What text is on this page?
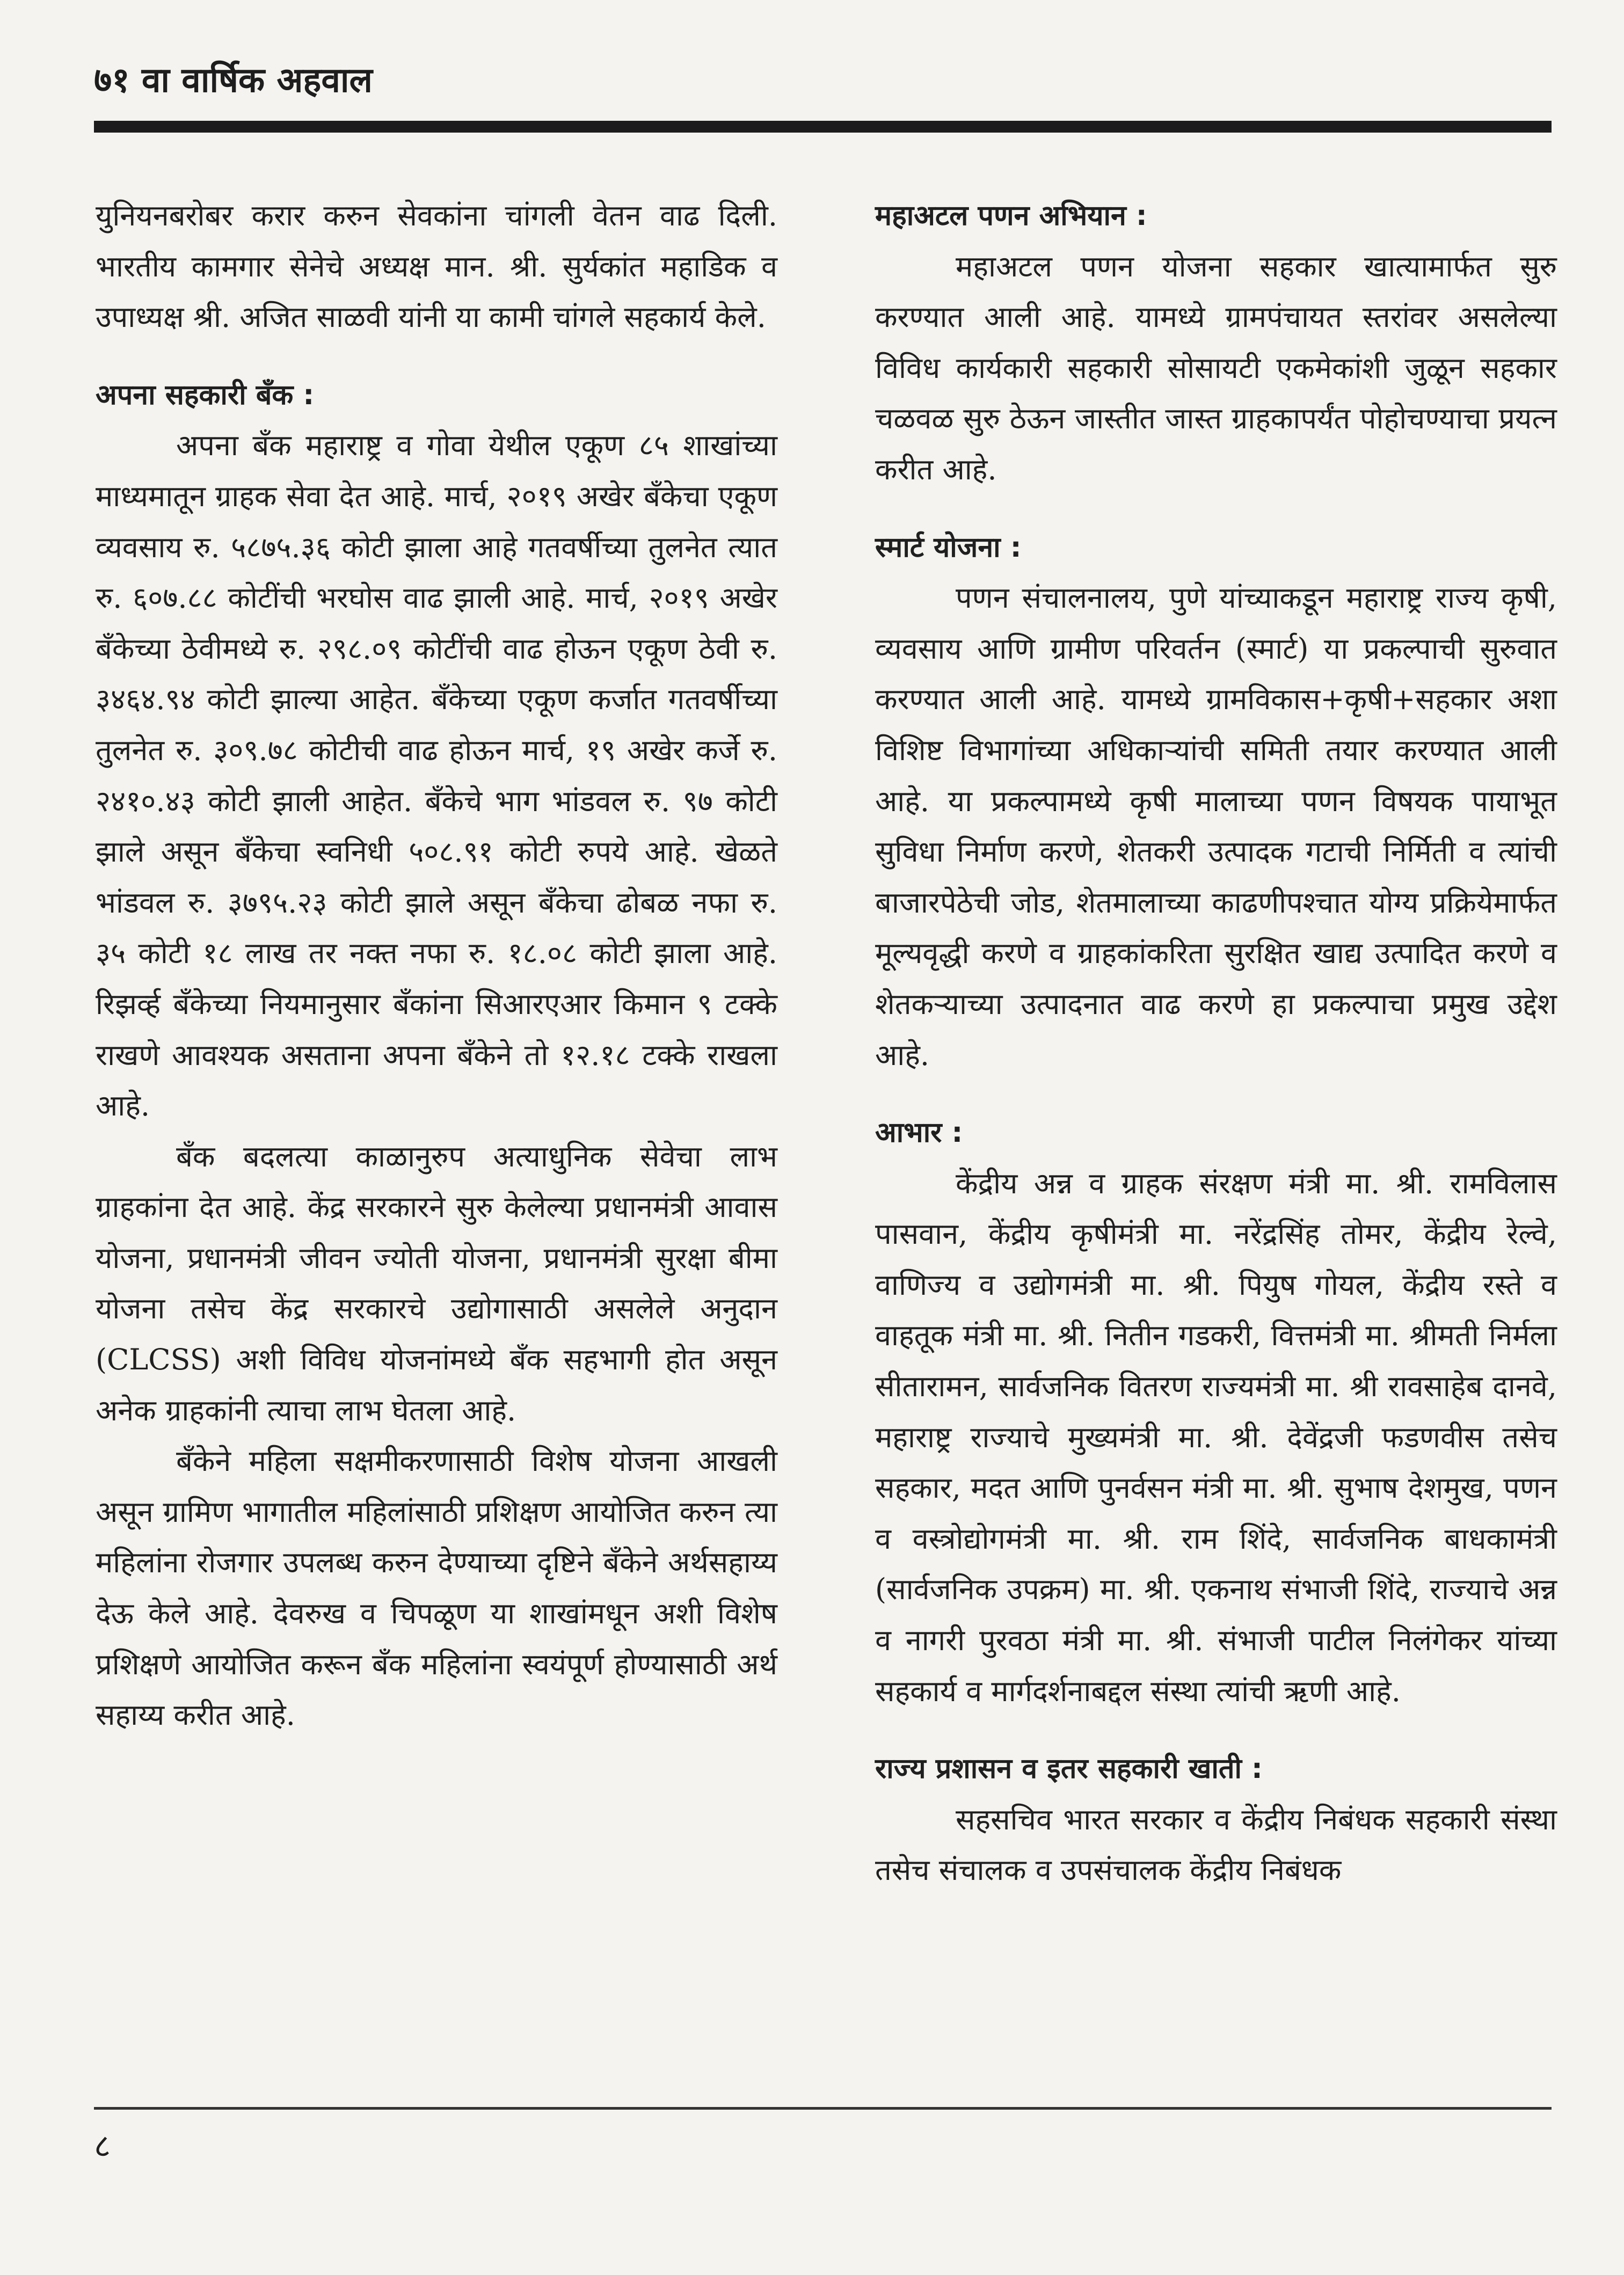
७१ वा वार्षिक अहवाल

युनियनबरोबर करार करुन सेवकांना चांगली वेतन वाढ दिली. भारतीय कामगार सेनेचे अध्यक्ष मान. श्री. सुर्यकांत महाडिक व उपाध्यक्ष श्री. अजित साळवी यांनी या कामी चांगले सहकार्य केले.

अपना सहकारी बँक :

अपना बँक महाराष्ट्र व गोवा येथील एकूण ८५ शाखांच्या माध्यमातून ग्राहक सेवा देत आहे. मार्च, २०१९ अखेर बँकेचा एकूण व्यवसाय रु. ५८७५.३६ कोटी झाला आहे गतवर्षीच्या तुलनेत त्यात रु. ६०७.८८ कोटींची भरघोस वाढ झाली आहे. मार्च, २०१९ अखेर बँकेच्या ठेवीमध्ये रु. २९८.०९ कोटींची वाढ होऊन एकूण ठेवी रु. ३४६४.९४ कोटी झाल्या आहेत. बँकेच्या एकूण कर्जात गतवर्षीच्या तुलनेत रु. ३०९.७८ कोटीची वाढ होऊन मार्च, १९ अखेर कर्जे रु. २४१०.४३ कोटी झाली आहेत. बँकेचे भाग भांडवल रु. ९७ कोटी झाले असून बँकेचा स्वनिधी ५०८.९१ कोटी रुपये आहे. खेळते भांडवल रु. ३७९५.२३ कोटी झाले असून बँकेचा ढोबळ नफा रु. ३५ कोटी १८ लाख तर नक्त नफा रु. १८.०८ कोटी झाला आहे. रिझर्व्ह बँकेच्या नियमानुसार बँकांना सिआरएआर किमान ९ टक्के राखणे आवश्यक असताना अपना बँकेने तो १२.१८ टक्के राखला आहे.

बँक बदलत्या काळानुरुप अत्याधुनिक सेवेचा लाभ ग्राहकांना देत आहे. केंद्र सरकारने सुरु केलेल्या प्रधानमंत्री आवास योजना, प्रधानमंत्री जीवन ज्योती योजना, प्रधानमंत्री सुरक्षा बीमा योजना तसेच केंद्र सरकारचे उद्योगासाठी असलेले अनुदान (CLCSS) अशी विविध योजनांमध्ये बँक सहभागी होत असून अनेक ग्राहकांनी त्याचा लाभ घेतला आहे.

बँकेने महिला सक्षमीकरणासाठी विशेष योजना आखली असून ग्रामिण भागातील महिलांसाठी प्रशिक्षण आयोजित करुन त्या महिलांना रोजगार उपलब्ध करुन देण्याच्या दृष्टिने बँकेने अर्थसहाय्य देऊ केले आहे. देवरुख व चिपळूण या शाखांमधून अशी विशेष प्रशिक्षणे आयोजित करून बँक महिलांना स्वयंपूर्ण होण्यासाठी अर्थ सहाय्य करीत आहे.

महाअटल पणन अभियान :

महाअटल पणन योजना सहकार खात्यामार्फत सुरु करण्यात आली आहे. यामध्ये ग्रामपंचायत स्तरांवर असलेल्या विविध कार्यकारी सहकारी सोसायटी एकमेकांशी जुळून सहकार चळवळ सुरु ठेऊन जास्तीत जास्त ग्राहकापर्यंत पोहोचण्याचा प्रयत्न करीत आहे.

स्मार्ट योजना :

पणन संचालनालय, पुणे यांच्याकडून महाराष्ट्र राज्य कृषी, व्यवसाय आणि ग्रामीण परिवर्तन (स्मार्ट) या प्रकल्पाची सुरुवात करण्यात आली आहे. यामध्ये ग्रामविकास+कृषी+सहकार अशा विशिष्ट विभागांच्या अधिकाऱ्यांची समिती तयार करण्यात आली आहे. या प्रकल्पामध्ये कृषी मालाच्या पणन विषयक पायाभूत सुविधा निर्माण करणे, शेतकरी उत्पादक गटाची निर्मिती व त्यांची बाजारपेठेची जोड, शेतमालाच्या काढणीपश्चात योग्य प्रक्रियेमार्फत मूल्यवृद्धी करणे व ग्राहकांकरिता सुरक्षित खाद्य उत्पादित करणे व शेतकऱ्याच्या उत्पादनात वाढ करणे हा प्रकल्पाचा प्रमुख उद्देश आहे.

आभार :

केंद्रीय अन्न व ग्राहक संरक्षण मंत्री मा. श्री. रामविलास पासवान, केंद्रीय कृषीमंत्री मा. नरेंद्रसिंह तोमर, केंद्रीय रेल्वे, वाणिज्य व उद्योगमंत्री मा. श्री. पियुष गोयल, केंद्रीय रस्ते व वाहतूक मंत्री मा. श्री. नितीन गडकरी, वित्तमंत्री मा. श्रीमती निर्मला सीतारामन, सार्वजनिक वितरण राज्यमंत्री मा. श्री रावसाहेब दानवे, महाराष्ट्र राज्याचे मुख्यमंत्री मा. श्री. देवेंद्रजी फडणवीस तसेच सहकार, मदत आणि पुनर्वसन मंत्री मा. श्री. सुभाष देशमुख, पणन व वस्त्रोद्योगमंत्री मा. श्री. राम शिंदे, सार्वजनिक बाधकामंत्री (सार्वजनिक उपक्रम) मा. श्री. एकनाथ संभाजी शिंदे, राज्याचे अन्न व नागरी पुरवठा मंत्री मा. श्री. संभाजी पाटील निलंगेकर यांच्या सहकार्य व मार्गदर्शनाबद्दल संस्था त्यांची ऋणी आहे.

राज्य प्रशासन व इतर सहकारी खाती :

सहसचिव भारत सरकार व केंद्रीय निबंधक सहकारी संस्था तसेच संचालक व उपसंचालक केंद्रीय निबंधक

८
